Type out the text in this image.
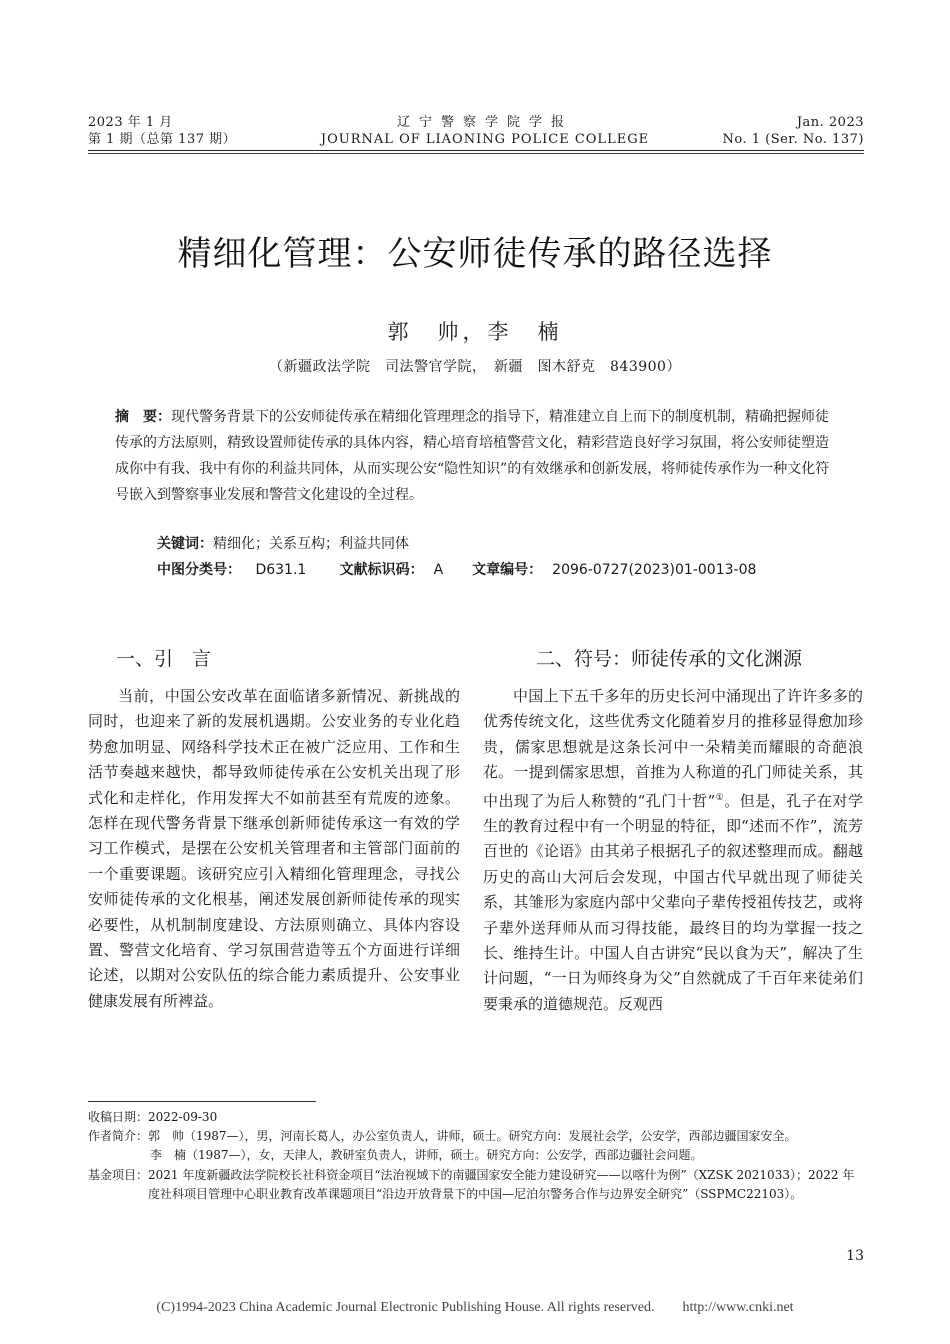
2023 年 1 月
第 1 期（总第 137 期）
辽宁警察学院学报
JOURNAL OF LIAONING POLICE COLLEGE
Jan. 2023
No. 1 (Ser. No. 137)
精细化管理：公安师徒传承的路径选择
郭　帅，李　楠
（新疆政法学院　司法警官学院，　新疆　图木舒克　843900）
摘　要：现代警务背景下的公安师徒传承在精细化管理理念的指导下，精准建立自上而下的制度机制，精确把握师徒传承的方法原则，精致设置师徒传承的具体内容，精心培育培植警营文化，精彩营造良好学习氛围，将公安师徒塑造成你中有我、我中有你的利益共同体，从而实现公安“隐性知识”的有效继承和创新发展，将师徒传承作为一种文化符号嵌入到警察事业发展和警营文化建设的全过程。
关键词：精细化；关系互构；利益共同体
中图分类号： D631.1 文献标识码： A 文章编号： 2096-0727(2023)01-0013-08
一、引　言	二、符号：师徒传承的文化渊源

当前，中国公安改革在面临诸多新情况、新挑战的同时，也迎来了新的发展机遇期。公安业务的专业化趋势愈加明显、网络科学技术正在被广泛应用、工作和生活节奏越来越快，都导致师徒传承在公安机关出现了形式化和走样化，作用发挥大不如前甚至有荒废的迹象。怎样在现代警务背景下继承创新师徒传承这一有效的学习工作模式，是摆在公安机关管理者和主管部门面前的一个重要课题。该研究应引入精细化管理理念，寻找公安师徒传承的文化根基，阐述发展创新师徒传承的现实必要性，从机制制度建设、方法原则确立、具体内容设置、警营文化培育、学习氛围营造等五个方面进行详细论述，以期对公安队伍的综合能力素质提升、公安事业健康发展有所裨益。

中国上下五千多年的历史长河中涌现出了许许多多的优秀传统文化，这些优秀文化随着岁月的推移显得愈加珍贵，儒家思想就是这条长河中一朵精美而耀眼的奇葩浪花。一提到儒家思想，首推为人称道的孔门师徒关系，其中出现了为后人称赞的“孔门十哲”①。但是，孔子在对学生的教育过程中有一个明显的特征，即“述而不作”，流芳百世的《论语》由其弟子根据孔子的叙述整理而成。翻越历史的高山大河后会发现，中国古代早就出现了师徒关系，其雏形为家庭内部中父辈向子辈传授祖传技艺，或将子辈外送拜师从而习得技能，最终目的均为掌握一技之长、维持生计。中国人自古讲究“民以食为天”，解决了生计问题，“一日为师终身为父”自然就成了千百年来徒弟们要秉承的道德规范。反观西

收稿日期： 2022-09-30
作者简介： 郭　帅（1987—），男，河南长葛人，办公室负责人，讲师，硕士。研究方向：发展社会学，公安学，西部边疆国家安全。
李　楠（1987—），女，天津人，教研室负责人，讲师，硕士。研究方向：公安学，西部边疆社会问题。
基金项目： 2021 年度新疆政法学院校长社科资金项目“法治视域下的南疆国家安全能力建设研究——以喀什为例”（XZSK 2021033）；2022 年度社科项目管理中心职业教育改革课题项目“沿边开放背景下的中国—尼泊尔警务合作与边界安全研究”（SSPMC22103）。
13
(C)1994-2023 China Academic Journal Electronic Publishing House. All rights reserved.　　http://www.cnki.net
